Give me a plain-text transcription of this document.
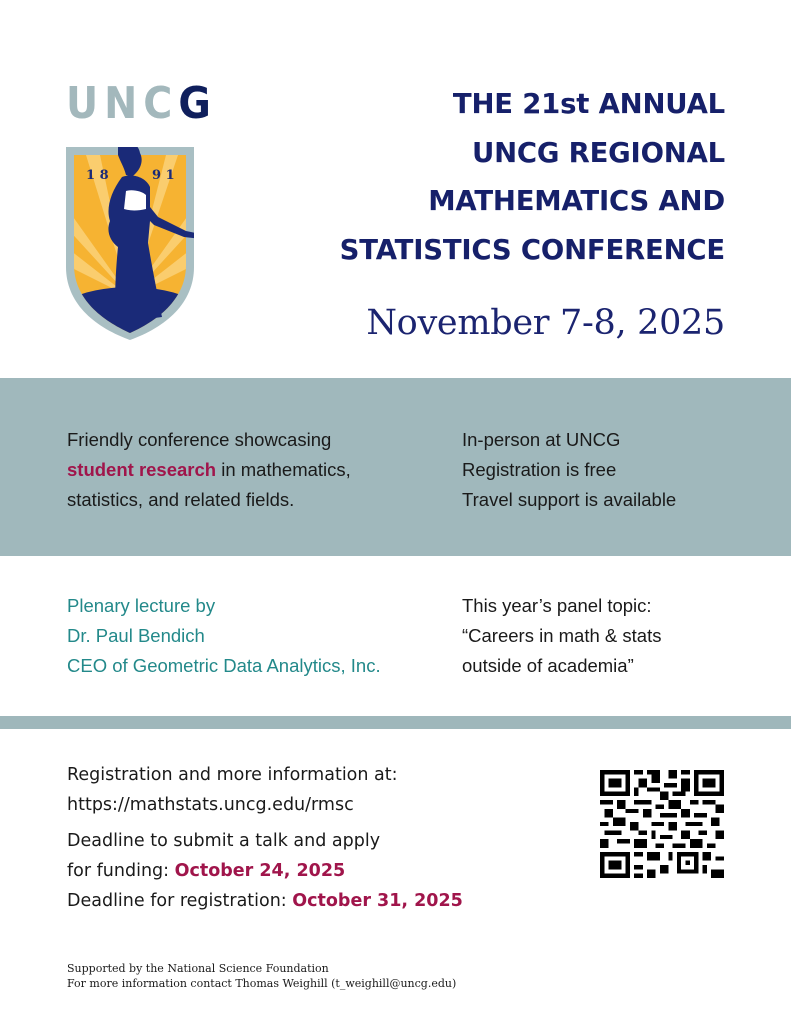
UNCG
1 8	9 1
THE 21st ANNUAL
UNCG REGIONAL
MATHEMATICS AND
STATISTICS CONFERENCE
November 7-8, 2025
Friendly conference showcasing
student research in mathematics,
statistics, and related fields.
In-person at UNCG
Registration is free
Travel support is available
Plenary lecture by
Dr. Paul Bendich
CEO of Geometric Data Analytics, Inc.
This year’s panel topic:
“Careers in math & stats
outside of academia”
Registration and more information at:
https://mathstats.uncg.edu/rmsc
Deadline to submit a talk and apply
for funding: October 24, 2025
Deadline for registration: October 31, 2025
Supported by the National Science Foundation
For more information contact Thomas Weighill (t_weighill@uncg.edu)
